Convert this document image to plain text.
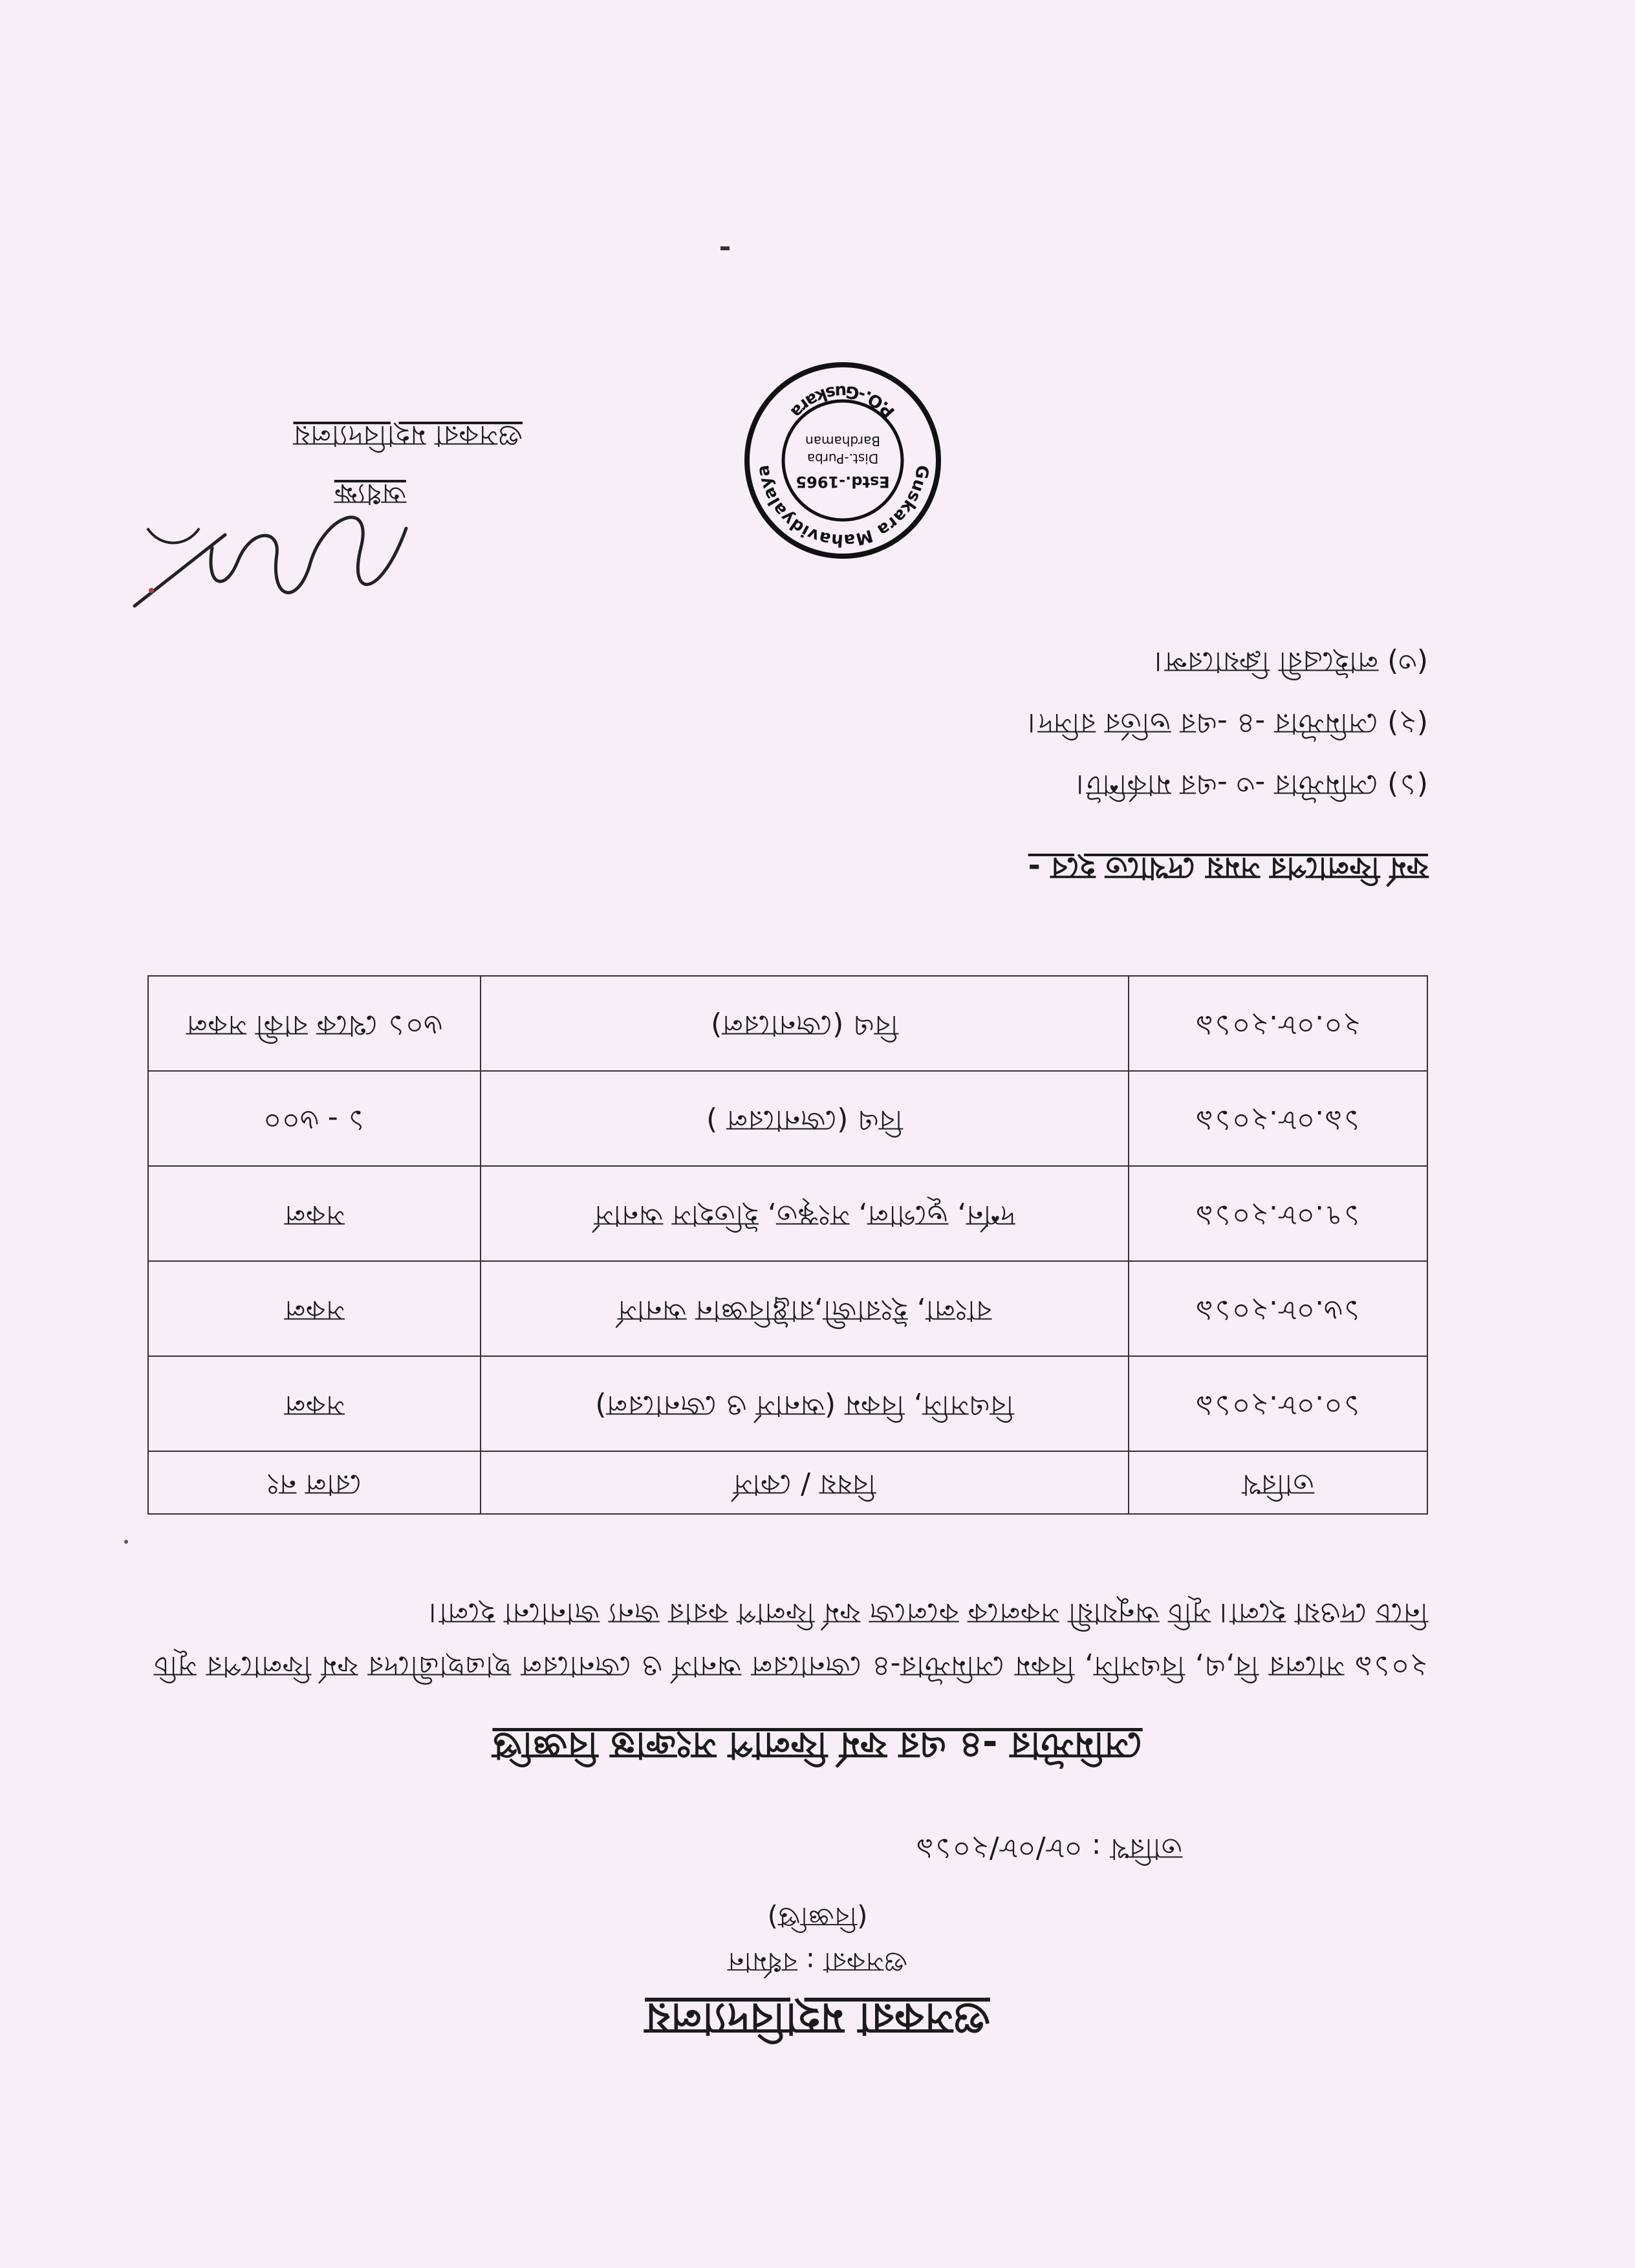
গুসকরা মহাবিদ্যালয়
গুসকরা : বর্ধমান
(বিজ্ঞপ্তি)
তারিখ : ০৮/০৮/২০১৯
সেমিস্টার -৪ এর ফর্ম ফিলাপ সংক্রান্ত বিজ্ঞপ্তি
২০১৯ সালের বি,এ, বিএসসি, বিকম সেমিস্টার-৪ জেনারেল অনার্স ও জেনারেল ছাত্রছাত্রীদের ফর্ম ফিলাপের সূচি নিচে দেওয়া হলো। সূচি অনুযায়ী সকলকে কলেজে ফর্ম ফিলাপ করার জন্য জানানো হলো।
তারিখ	বিষয় / কোর্স	রোল নং
১০.০৮.২০১৯	বিএসসি, বিকম (অনার্স ও জেনারেল)	সকল
১৬.০৮.২০১৯	বাংলা, ইংরাজী,রাষ্ট্রবিজ্ঞান অনার্স	সকল
১৭.০৮.২০১৯	দর্শন, ভূগোল, সংস্কৃত, ইতিহাস অনার্স	সকল
১৯.০৮.২০১৯	বিএ (জেনারেল )	১ - ৬০০
২০.০৮.২০১৯	বিএ (জেনারেল)	৬০১ থেকে বাকী সকল
ফর্ম ফিলাপের সময় দেখাতে হবে -
(১) সেমিস্টার -৩ -এর মার্কশিট।
(২) সেমিস্টার -৪ -এর ভর্তির রসিদ।
(৩) লাইব্রেরী ক্লিয়ারেন্স।
অধ্যক্ষ
গুসকরা মহাবিদ্যালয়
Guskara Mahavidyalaya
P.O.-Guskara
Estd.-1965
Dist.-Purba
Bardhaman
